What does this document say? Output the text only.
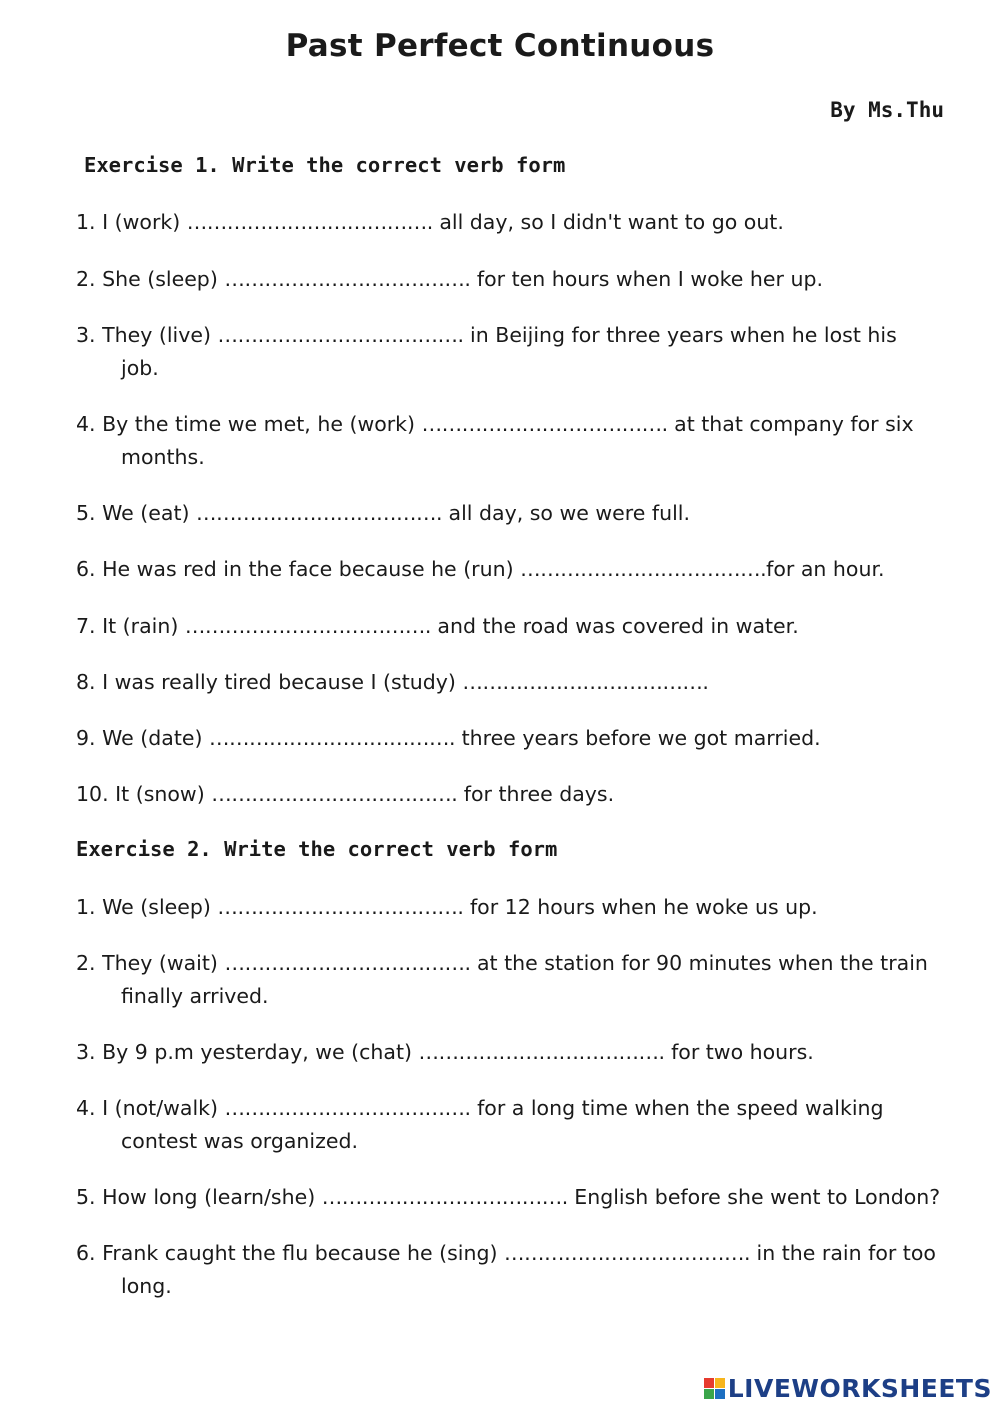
Past Perfect Continuous
By Ms.Thu
Exercise 1. Write the correct verb form
1. I (work) ………………………………. all day, so I didn't want to go out.
2. She (sleep) ………………………………. for ten hours when I woke her up.
3. They (live) ………………………………. in Beijing for three years when he lost his
job.
4. By the time we met, he (work) ………………………………. at that company for six
months.
5. We (eat) ………………………………. all day, so we were full.
6. He was red in the face because he (run) ……………………………….for an hour.
7. It (rain) ………………………………. and the road was covered in water.
8. I was really tired because I (study) ……………………………….
9. We (date) ………………………………. three years before we got married.
10. It (snow) ………………………………. for three days.
Exercise 2. Write the correct verb form
1. We (sleep) ………………………………. for 12 hours when he woke us up.
2. They (wait) ………………………………. at the station for 90 minutes when the train
finally arrived.
3. By 9 p.m yesterday, we (chat) ………………………………. for two hours.
4. I (not/walk) ………………………………. for a long time when the speed walking
contest was organized.
5. How long (learn/she) ………………………………. English before she went to London?
6. Frank caught the flu because he (sing) ………………………………. in the rain for too
long.
LIVEWORKSHEETS
